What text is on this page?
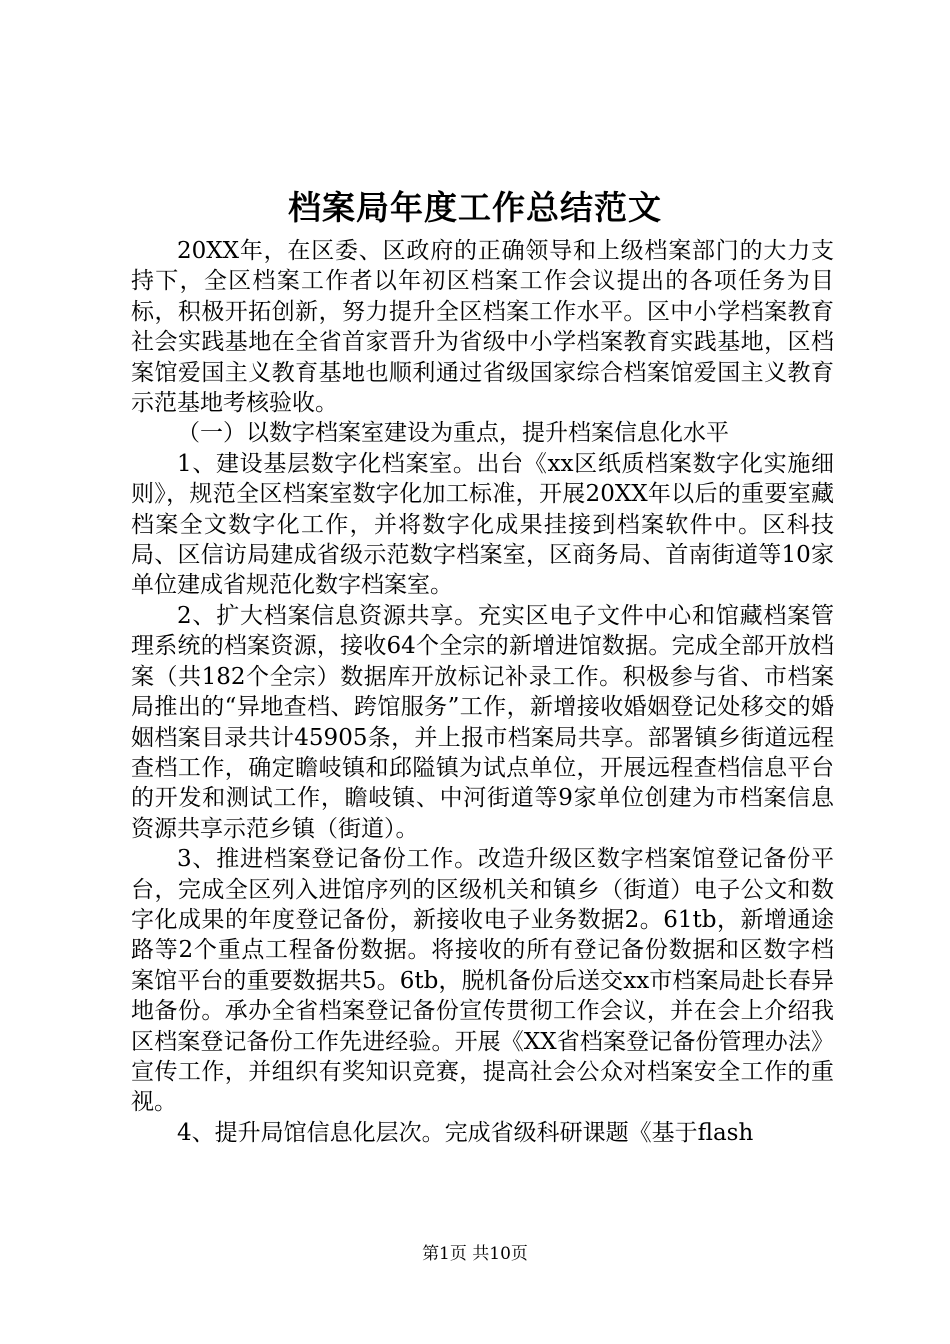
档案局年度工作总结范文

20XX年，在区委、区政府的正确领导和上级档案部门的大力支持下，全区档案工作者以年初区档案工作会议提出的各项任务为目标，积极开拓创新，努力提升全区档案工作水平。区中小学档案教育社会实践基地在全省首家晋升为省级中小学档案教育实践基地，区档案馆爱国主义教育基地也顺利通过省级国家综合档案馆爱国主义教育示范基地考核验收。

（一）以数字档案室建设为重点，提升档案信息化水平

1、建设基层数字化档案室。出台《xx区纸质档案数字化实施细则》，规范全区档案室数字化加工标准，开展20XX年以后的重要室藏档案全文数字化工作，并将数字化成果挂接到档案软件中。区科技局、区信访局建成省级示范数字档案室，区商务局、首南街道等10家单位建成省规范化数字档案室。

2、扩大档案信息资源共享。充实区电子文件中心和馆藏档案管理系统的档案资源，接收64个全宗的新增进馆数据。完成全部开放档案（共182个全宗）数据库开放标记补录工作。积极参与省、市档案局推出的“异地查档、跨馆服务”工作，新增接收婚姻登记处移交的婚姻档案目录共计45905条，并上报市档案局共享。部署镇乡街道远程查档工作，确定瞻岐镇和邱隘镇为试点单位，开展远程查档信息平台的开发和测试工作，瞻岐镇、中河街道等9家单位创建为市档案信息资源共享示范乡镇（街道）。

3、推进档案登记备份工作。改造升级区数字档案馆登记备份平台，完成全区列入进馆序列的区级机关和镇乡（街道）电子公文和数字化成果的年度登记备份，新接收电子业务数据2。61tb，新增通途路等2个重点工程备份数据。将接收的所有登记备份数据和区数字档案馆平台的重要数据共5。6tb，脱机备份后送交xx市档案局赴长春异地备份。承办全省档案登记备份宣传贯彻工作会议，并在会上介绍我区档案登记备份工作先进经验。开展《XX省档案登记备份管理办法》宣传工作，并组织有奖知识竞赛，提高社会公众对档案安全工作的重视。

4、提升局馆信息化层次。完成省级科研课题《基于flash

第1页 共10页
